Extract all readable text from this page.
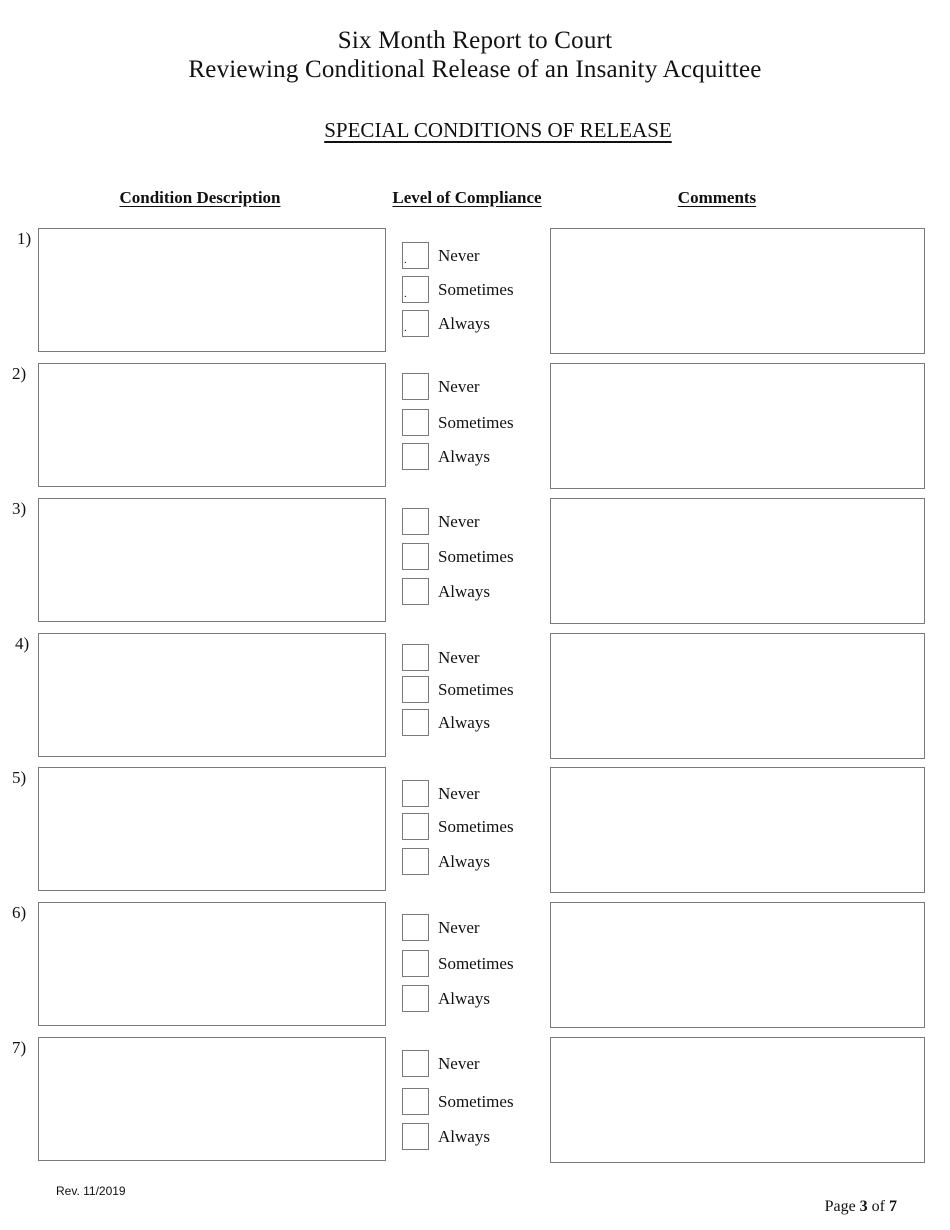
Six Month Report to Court
Reviewing Conditional Release of an Insanity Acquittee
SPECIAL CONDITIONS OF RELEASE
Condition Description	Level of Compliance	Comments
1)
. Never
. Sometimes
. Always
2)
Never
Sometimes
Always
3)
Never
Sometimes
Always
4)
Never
Sometimes
Always
5)
Never
Sometimes
Always
6)
Never
Sometimes
Always
7)
Never
Sometimes
Always
Rev. 11/2019
Page 3 of 7
